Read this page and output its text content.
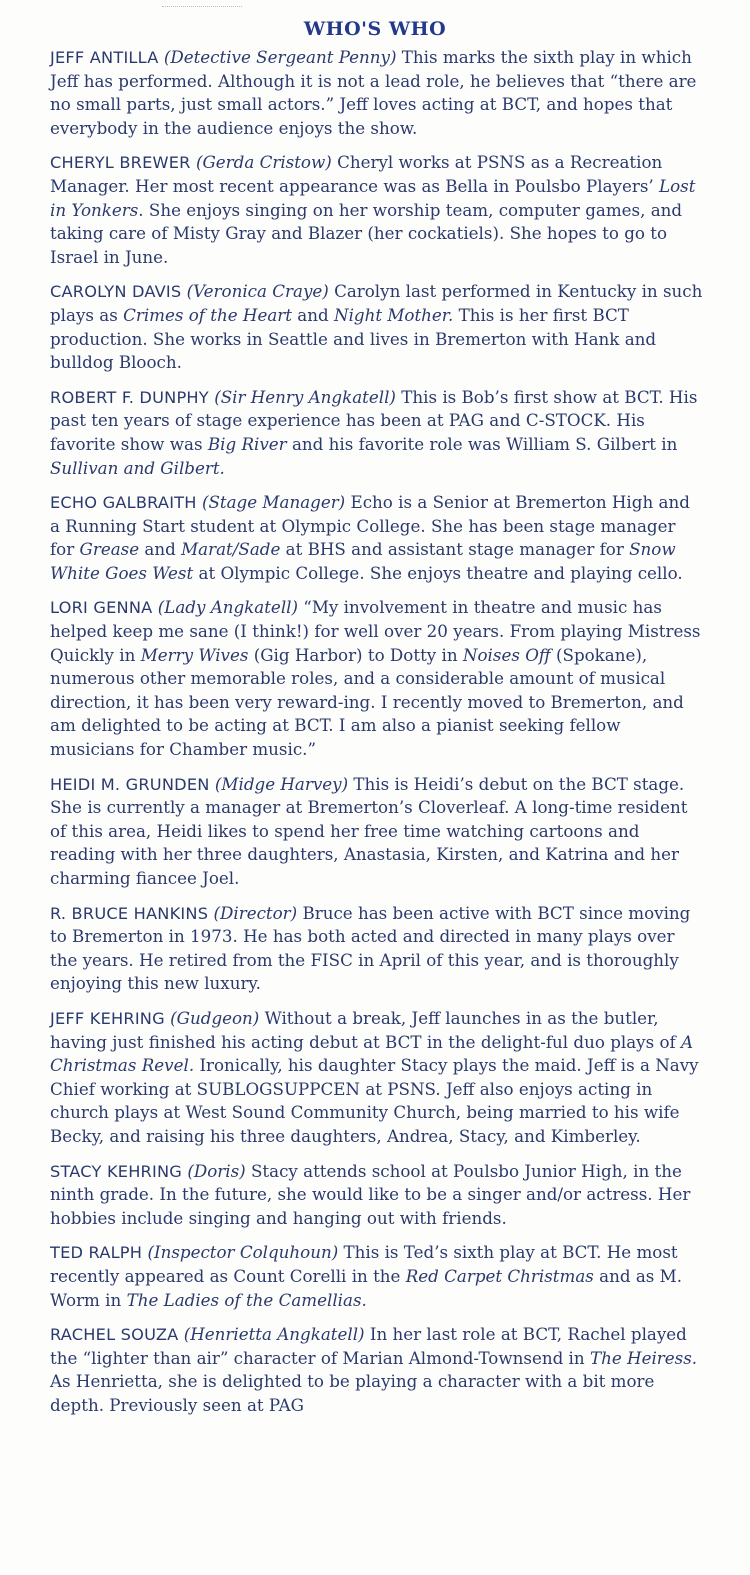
WHO'S WHO

JEFF ANTILLA (Detective Sergeant Penny) This marks the sixth play in which Jeff has performed. Although it is not a lead role, he believes that “there are no small parts, just small actors.” Jeff loves acting at BCT, and hopes that everybody in the audience enjoys the show.

CHERYL BREWER (Gerda Cristow) Cheryl works at PSNS as a Recreation Manager. Her most recent appearance was as Bella in Poulsbo Players’ Lost in Yonkers. She enjoys singing on her worship team, computer games, and taking care of Misty Gray and Blazer (her cockatiels). She hopes to go to Israel in June.

CAROLYN DAVIS (Veronica Craye) Carolyn last performed in Kentucky in such plays as Crimes of the Heart and Night Mother. This is her first BCT production. She works in Seattle and lives in Bremerton with Hank and bulldog Blooch.

ROBERT F. DUNPHY (Sir Henry Angkatell) This is Bob’s first show at BCT. His past ten years of stage experience has been at PAG and C-STOCK. His favorite show was Big River and his favorite role was William S. Gilbert in Sullivan and Gilbert.

ECHO GALBRAITH (Stage Manager) Echo is a Senior at Bremerton High and a Running Start student at Olympic College. She has been stage manager for Grease and Marat/Sade at BHS and assistant stage manager for Snow White Goes West at Olympic College. She enjoys theatre and playing cello.

LORI GENNA (Lady Angkatell) “My involvement in theatre and music has helped keep me sane (I think!) for well over 20 years. From playing Mistress Quickly in Merry Wives (Gig Harbor) to Dotty in Noises Off (Spokane), numerous other memorable roles, and a considerable amount of musical direction, it has been very reward-ing. I recently moved to Bremerton, and am delighted to be acting at BCT. I am also a pianist seeking fellow musicians for Chamber music.”

HEIDI M. GRUNDEN (Midge Harvey) This is Heidi’s debut on the BCT stage. She is currently a manager at Bremerton’s Cloverleaf. A long-time resident of this area, Heidi likes to spend her free time watching cartoons and reading with her three daughters, Anastasia, Kirsten, and Katrina and her charming fiancee Joel.

R. BRUCE HANKINS (Director) Bruce has been active with BCT since moving to Bremerton in 1973. He has both acted and directed in many plays over the years. He retired from the FISC in April of this year, and is thoroughly enjoying this new luxury.

JEFF KEHRING (Gudgeon) Without a break, Jeff launches in as the butler, having just finished his acting debut at BCT in the delight-ful duo plays of A Christmas Revel. Ironically, his daughter Stacy plays the maid. Jeff is a Navy Chief working at SUBLOGSUPPCEN at PSNS. Jeff also enjoys acting in church plays at West Sound Community Church, being married to his wife Becky, and raising his three daughters, Andrea, Stacy, and Kimberley.

STACY KEHRING (Doris) Stacy attends school at Poulsbo Junior High, in the ninth grade. In the future, she would like to be a singer and/or actress. Her hobbies include singing and hanging out with friends.

TED RALPH (Inspector Colquhoun) This is Ted’s sixth play at BCT. He most recently appeared as Count Corelli in the Red Carpet Christmas and as M. Worm in The Ladies of the Camellias.

RACHEL SOUZA (Henrietta Angkatell) In her last role at BCT, Rachel played the “lighter than air” character of Marian Almond-Townsend in The Heiress. As Henrietta, she is delighted to be playing a character with a bit more depth. Previously seen at PAG
